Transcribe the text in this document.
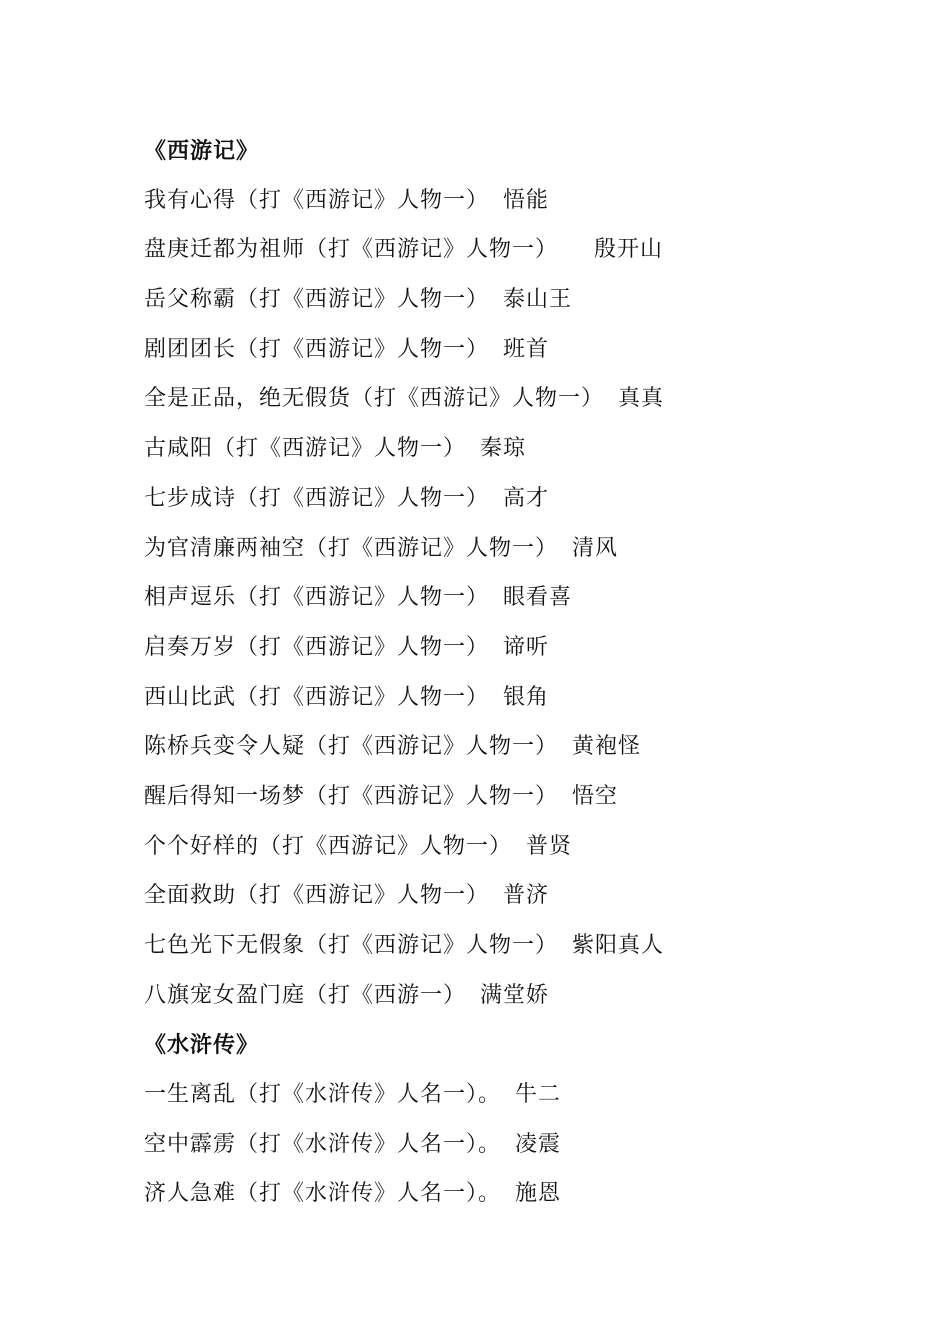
《西游记》
我有心得（打《西游记》人物一） 悟能
盘庚迁都为祖师（打《西游记》人物一） 殷开山
岳父称霸（打《西游记》人物一） 泰山王
剧团团长（打《西游记》人物一） 班首
全是正品，绝无假货（打《西游记》人物一） 真真
古咸阳（打《西游记》人物一） 秦琼
七步成诗（打《西游记》人物一） 高才
为官清廉两袖空（打《西游记》人物一） 清风
相声逗乐（打《西游记》人物一） 眼看喜
启奏万岁（打《西游记》人物一） 谛听
西山比武（打《西游记》人物一） 银角
陈桥兵变令人疑（打《西游记》人物一） 黄袍怪
醒后得知一场梦（打《西游记》人物一） 悟空
个个好样的（打《西游记》人物一） 普贤
全面救助（打《西游记》人物一） 普济
七色光下无假象（打《西游记》人物一） 紫阳真人
八旗宠女盈门庭（打《西游一） 满堂娇
《水浒传》
一生离乱（打《水浒传》人名一）。 牛二
空中霹雳（打《水浒传》人名一）。 凌震
济人急难（打《水浒传》人名一）。 施恩
